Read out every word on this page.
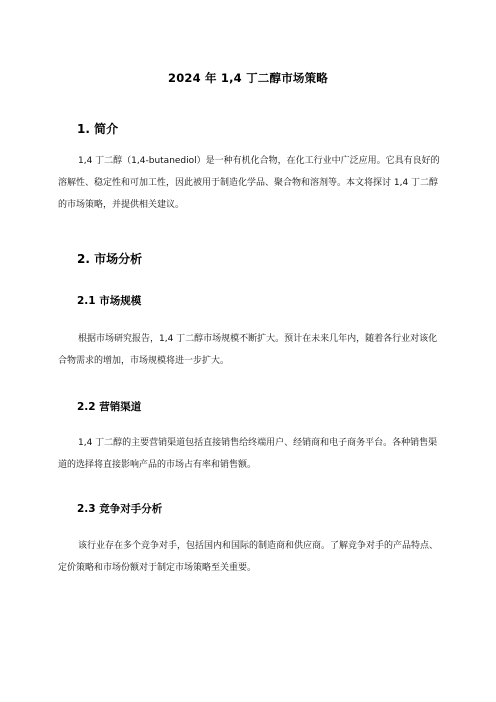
2024 年 1,4 丁二醇市场策略
1. 简介

1,4 丁二醇（1,4-butanediol）是一种有机化合物，在化工行业中广泛应用。它具有良好的溶解性、稳定性和可加工性，因此被用于制造化学品、聚合物和溶剂等。本文将探讨 1,4 丁二醇的市场策略，并提供相关建议。

2. 市场分析
2.1 市场规模

根据市场研究报告，1,4 丁二醇市场规模不断扩大。预计在未来几年内，随着各行业对该化合物需求的增加，市场规模将进一步扩大。

2.2 营销渠道

1,4 丁二醇的主要营销渠道包括直接销售给终端用户、经销商和电子商务平台。各种销售渠道的选择将直接影响产品的市场占有率和销售额。

2.3 竞争对手分析

该行业存在多个竞争对手，包括国内和国际的制造商和供应商。了解竞争对手的产品特点、定价策略和市场份额对于制定市场策略至关重要。
